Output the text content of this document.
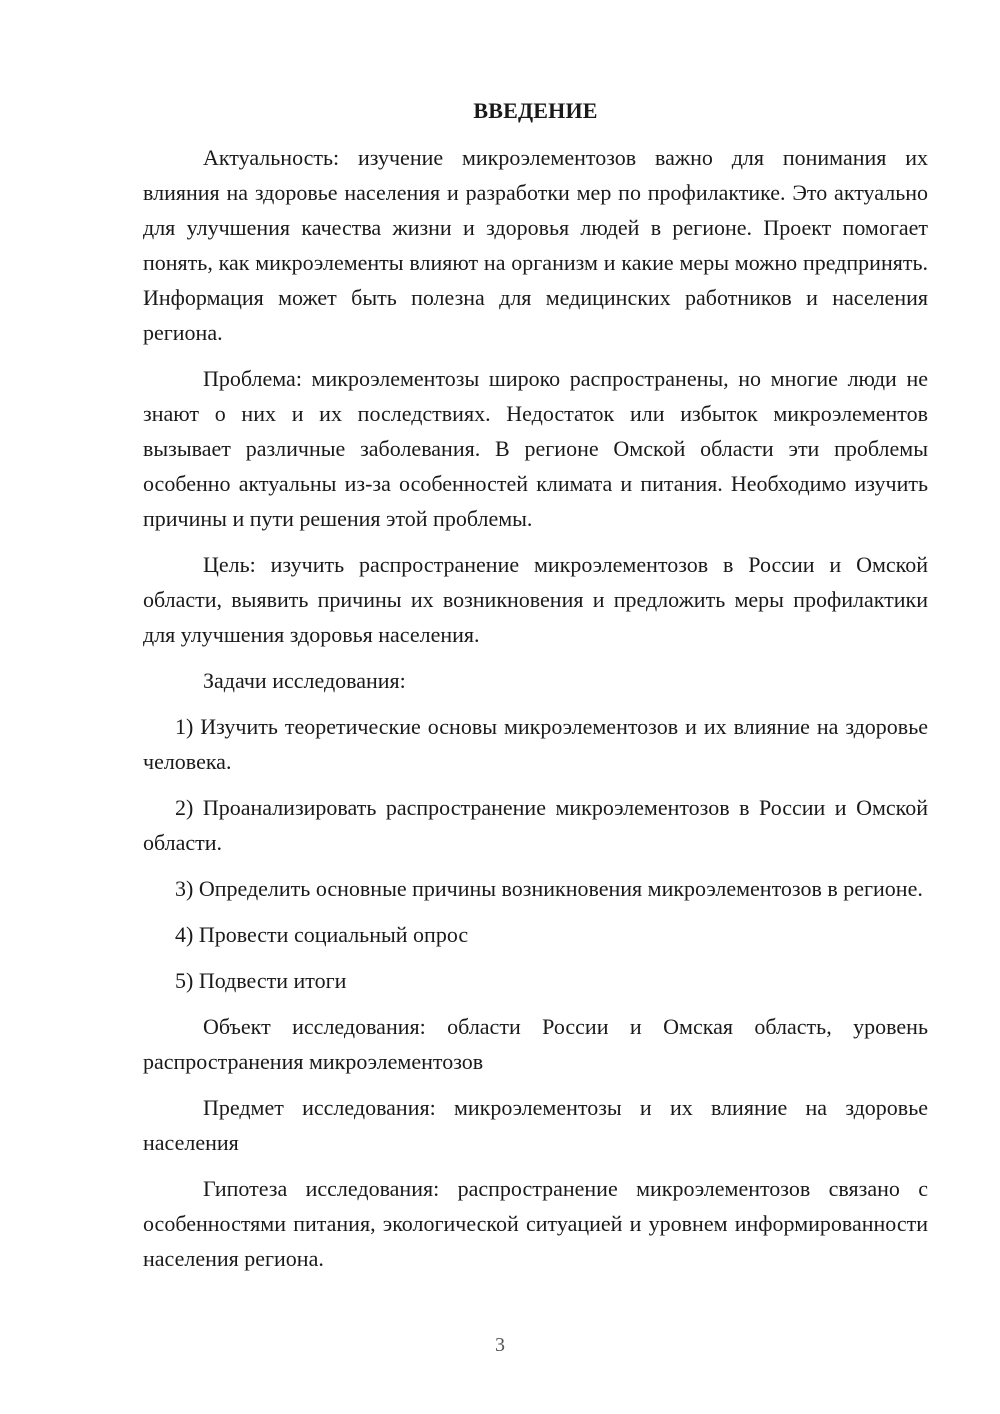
ВВЕДЕНИЕ

Актуальность: изучение микроэлементозов важно для понимания их влияния на здоровье населения и разработки мер по профилактике. Это актуально для улучшения качества жизни и здоровья людей в регионе. Проект помогает понять, как микроэлементы влияют на организм и какие меры можно предпринять. Информация может быть полезна для медицинских работников и населения региона.

Проблема: микроэлементозы широко распространены, но многие люди не знают о них и их последствиях. Недостаток или избыток микроэлементов вызывает различные заболевания. В регионе Омской области эти проблемы особенно актуальны из-за особенностей климата и питания. Необходимо изучить причины и пути решения этой проблемы.

Цель: изучить распространение микроэлементозов в России и Омской области, выявить причины их возникновения и предложить меры профилактики для улучшения здоровья населения.

Задачи исследования:

1) Изучить теоретические основы микроэлементозов и их влияние на здоровье человека.

2) Проанализировать распространение микроэлементозов в России и Омской области.

3) Определить основные причины возникновения микроэлементозов в регионе.

4) Провести социальный опрос

5) Подвести итоги

Объект исследования: области России и Омская область, уровень распространения микроэлементозов

Предмет исследования: микроэлементозы и их влияние на здоровье населения

Гипотеза исследования: распространение микроэлементозов связано с особенностями питания, экологической ситуацией и уровнем информированности населения региона.

3
